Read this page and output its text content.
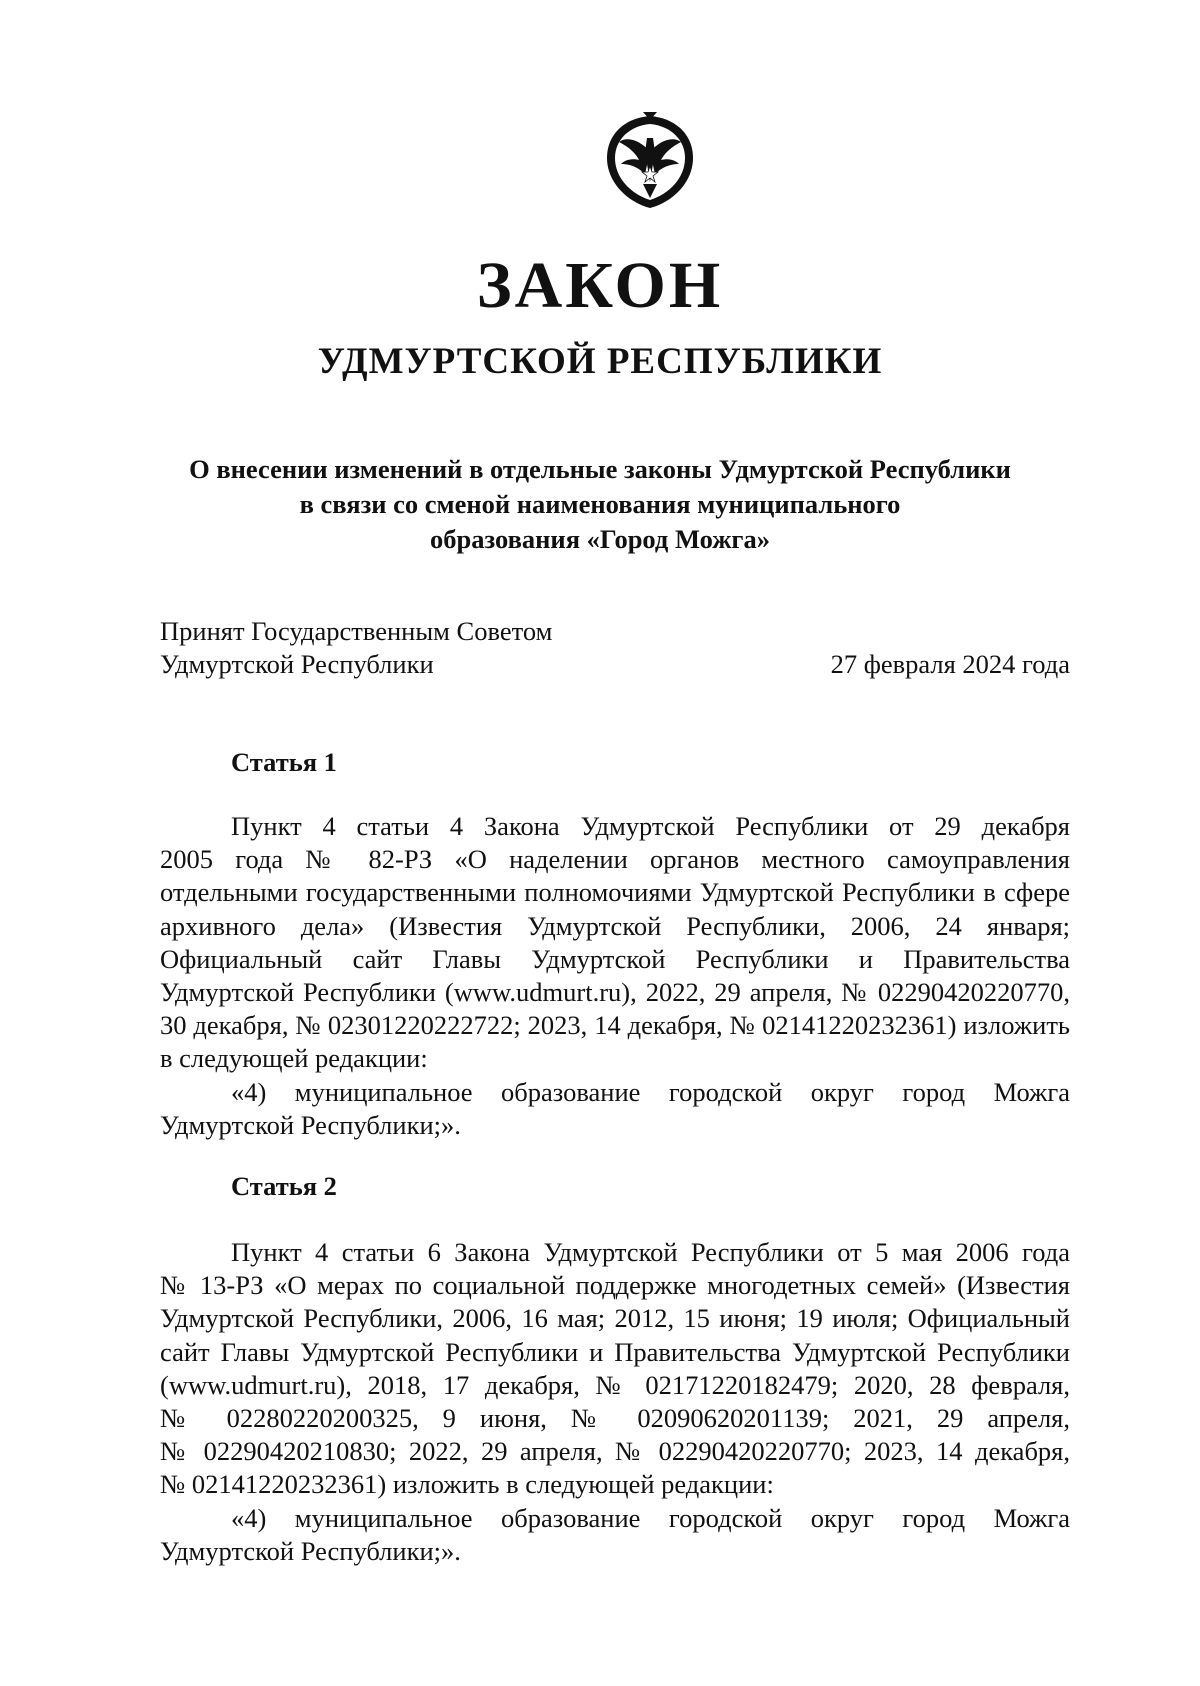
ЗАКОН
УДМУРТСКОЙ РЕСПУБЛИКИ
О внесении изменений в отдельные законы Удмуртской Республики
в связи со сменой наименования муниципального
образования «Город Можга»
Принят Государственным Советом
Удмуртской Республики	27 февраля 2024 года
Статья 1
Пункт 4 статьи 4 Закона Удмуртской Республики от 29 декабря
2005 года № 82-РЗ «О наделении органов местного самоуправления
отдельными государственными полномочиями Удмуртской Республики в сфере
архивного дела» (Известия Удмуртской Республики, 2006, 24 января;
Официальный сайт Главы Удмуртской Республики и Правительства
Удмуртской Республики (www.udmurt.ru), 2022, 29 апреля, № 02290420220770,
30 декабря, № 02301220222722; 2023, 14 декабря, № 02141220232361) изложить
в следующей редакции:
«4) муниципальное образование городской округ город Можга
Удмуртской Республики;».
Статья 2
Пункт 4 статьи 6 Закона Удмуртской Республики от 5 мая 2006 года
№ 13-РЗ «О мерах по социальной поддержке многодетных семей» (Известия
Удмуртской Республики, 2006, 16 мая; 2012, 15 июня; 19 июля; Официальный
сайт Главы Удмуртской Республики и Правительства Удмуртской Республики
(www.udmurt.ru), 2018, 17 декабря, № 02171220182479; 2020, 28 февраля,
№ 02280220200325, 9 июня, № 02090620201139; 2021, 29 апреля,
№ 02290420210830; 2022, 29 апреля, № 02290420220770; 2023, 14 декабря,
№ 02141220232361) изложить в следующей редакции:
«4) муниципальное образование городской округ город Можга
Удмуртской Республики;».
